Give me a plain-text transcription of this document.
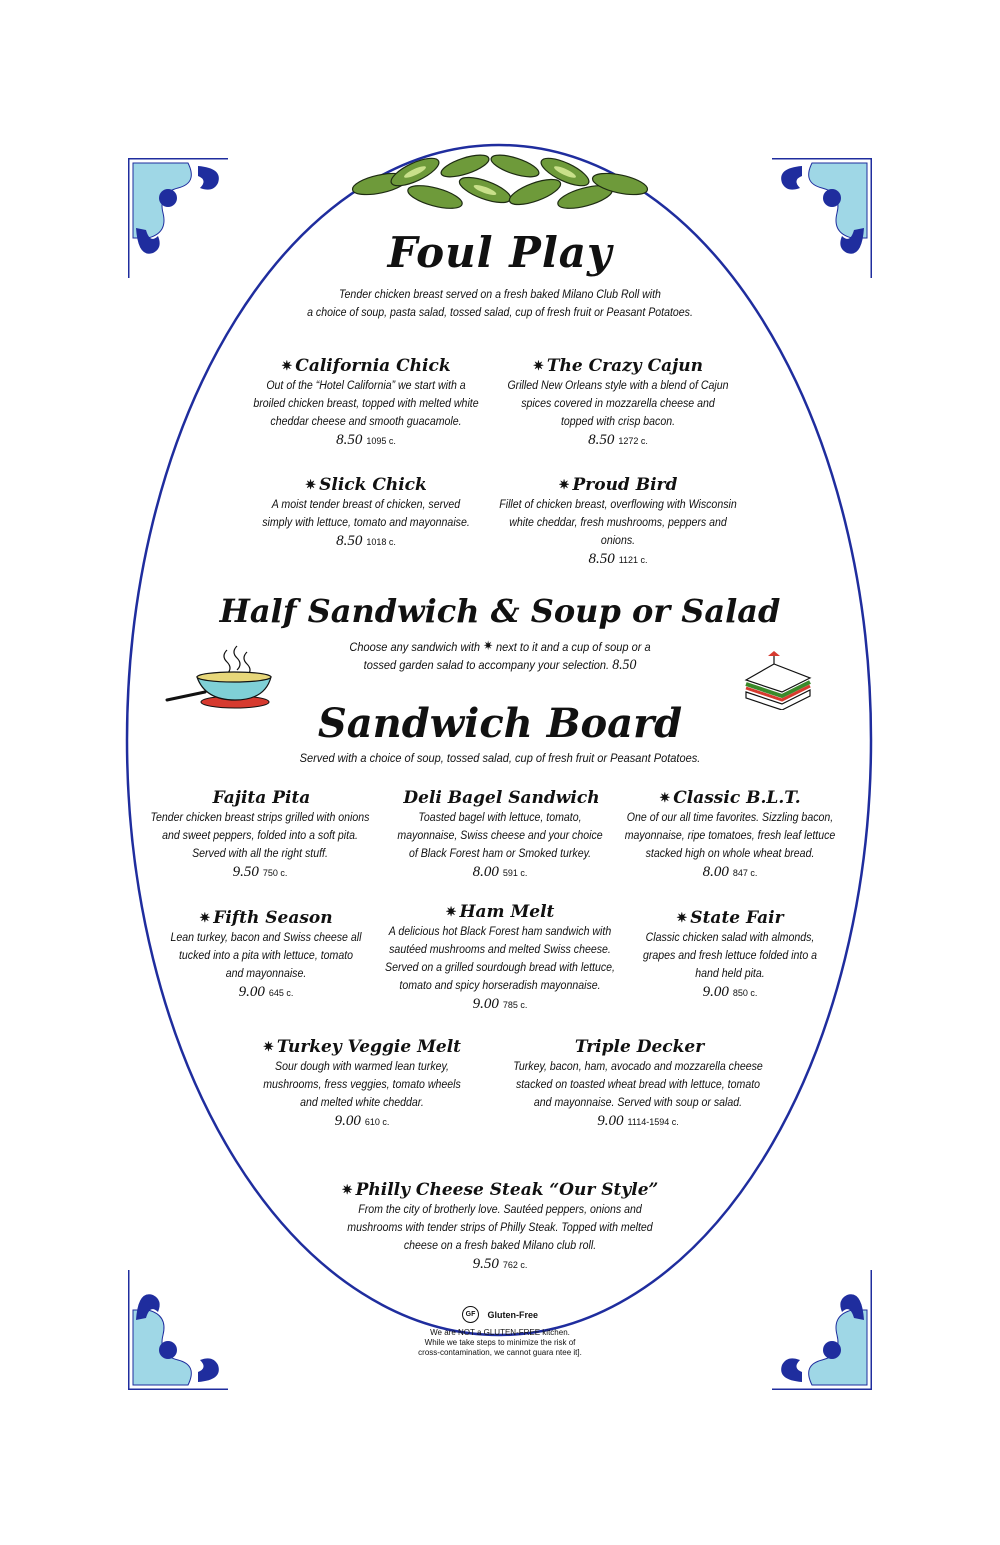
Foul Play
Tender chicken breast served on a fresh baked Milano Club Roll with
a choice of soup, pasta salad, tossed salad, cup of fresh fruit or Peasant Potatoes.
✷ California Chick
Out of the “Hotel California” we start with a
broiled chicken breast, topped with melted white
cheddar cheese and smooth guacamole.
8.50 1095 c.
✷ The Crazy Cajun
Grilled New Orleans style with a blend of Cajun
spices covered in mozzarella cheese and
topped with crisp bacon.
8.50 1272 c.
✷ Slick Chick
A moist tender breast of chicken, served
simply with lettuce, tomato and mayonnaise.
8.50 1018 c.
✷ Proud Bird
Fillet of chicken breast, overflowing with Wisconsin
white cheddar, fresh mushrooms, peppers and onions.
8.50 1121 c.
Half Sandwich & Soup or Salad
Choose any sandwich with ✷ next to it and a cup of soup or a
tossed garden salad to accompany your selection. 8.50
Sandwich Board
Served with a choice of soup, tossed salad, cup of fresh fruit or Peasant Potatoes.
Fajita Pita
Tender chicken breast strips grilled with onions
and sweet peppers, folded into a soft pita.
Served with all the right stuff.
9.50 750 c.
Deli Bagel Sandwich
Toasted bagel with lettuce, tomato,
mayonnaise, Swiss cheese and your choice
of Black Forest ham or Smoked turkey.
8.00 591 c.
✷ Classic B.L.T.
One of our all time favorites. Sizzling bacon,
mayonnaise, ripe tomatoes, fresh leaf lettuce
stacked high on whole wheat bread.
8.00 847 c.
✷ Fifth Season
Lean turkey, bacon and Swiss cheese all
tucked into a pita with lettuce, tomato
and mayonnaise.
9.00 645 c.
✷ Ham Melt
A delicious hot Black Forest ham sandwich with
sautéed mushrooms and melted Swiss cheese.
Served on a grilled sourdough bread with lettuce,
tomato and spicy horseradish mayonnaise.
9.00 785 c.
✷ State Fair
Classic chicken salad with almonds,
grapes and fresh lettuce folded into a
hand held pita.
9.00 850 c.
✷ Turkey Veggie Melt
Sour dough with warmed lean turkey,
mushrooms, fress veggies, tomato wheels
and melted white cheddar.
9.00 610 c.
Triple Decker
Turkey, bacon, ham, avocado and mozzarella cheese
stacked on toasted wheat bread with lettuce, tomato
and mayonnaise. Served with soup or salad.
9.00 1114-1594 c.
✷ Philly Cheese Steak “Our Style”
From the city of brotherly love. Sautéed peppers, onions and
mushrooms with tender strips of Philly Steak. Topped with melted
cheese on a fresh baked Milano club roll.
9.50 762 c.
GF Gluten-Free
We are NOT a GLUTEN-FREE kitchen.
While we take steps to minimize the risk of
cross-contamination, we cannot guara ntee it].
